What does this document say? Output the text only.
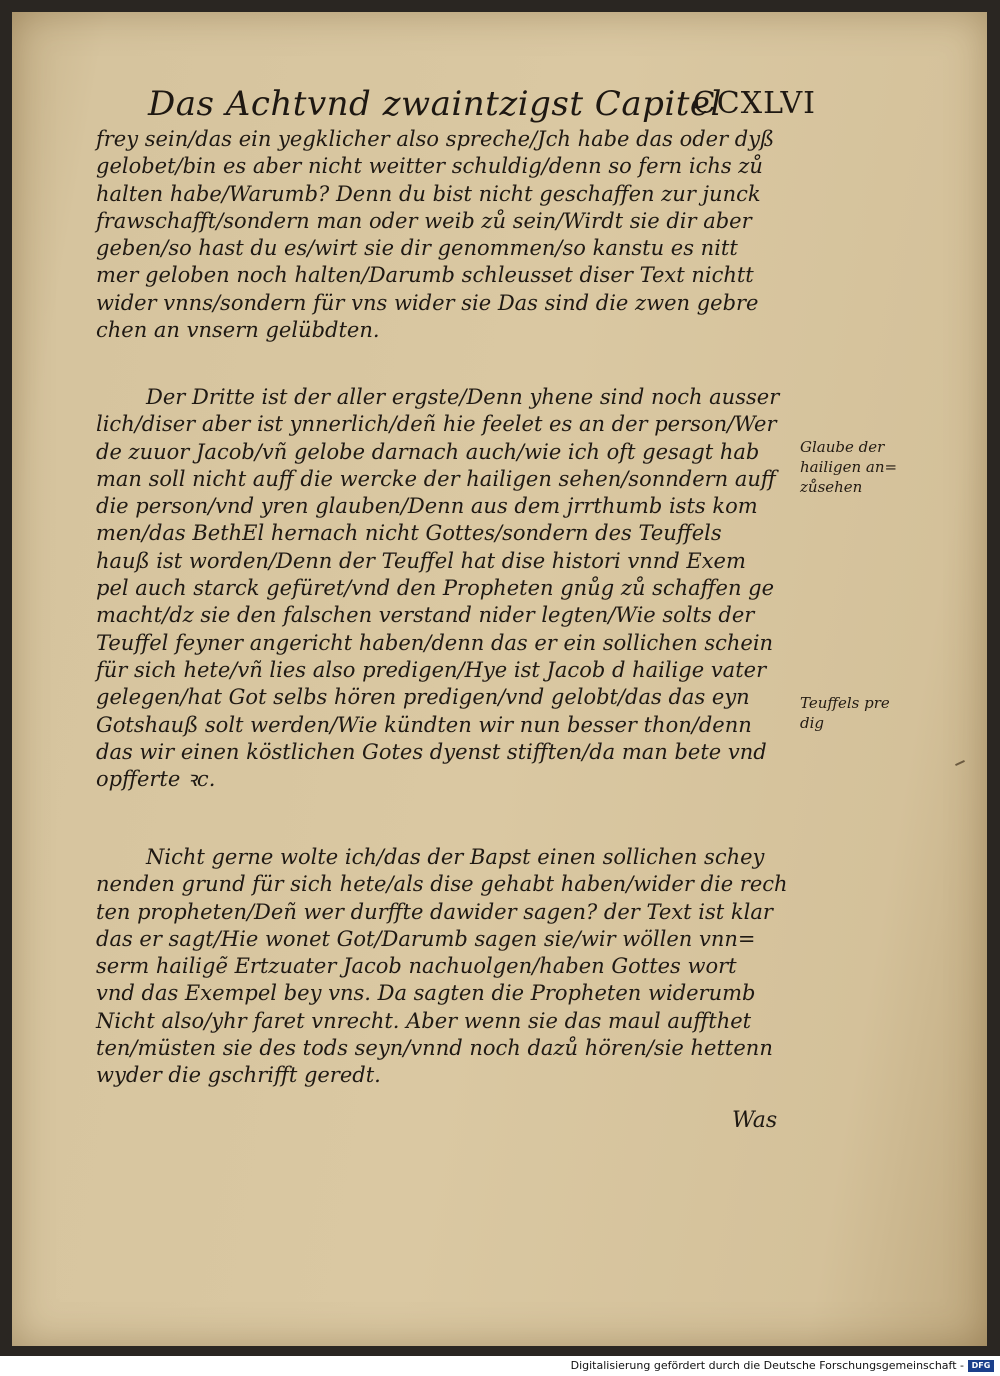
Das Achtvnd zwaintzigst Capitel
CCXLVI
frey sein/das ein yegklicher also spreche/Jch habe das oder dyß
gelobet/bin es aber nicht weitter schuldig/denn so fern ichs zů
halten habe/Warumb? Denn du bist nicht geschaffen zur junck
frawschafft/sondern man oder weib zů sein/Wirdt sie dir aber
geben/so hast du es/wirt sie dir genommen/so kanstu es nitt
mer geloben noch halten/Darumb schleusset diser Text nichtt
wider vnns/sondern für vns wider sie Das sind die zwen gebre
chen an vnsern gelübdten.
Der Dritte ist der aller ergste/Denn yhene sind noch ausser
lich/diser aber ist ynnerlich/deñ hie feelet es an der person/Wer
de zuuor Jacob/vñ gelobe darnach auch/wie ich oft gesagt hab
man soll nicht auff die wercke der hailigen sehen/sonndern auff
die person/vnd yren glauben/Denn aus dem jrrthumb ists kom
men/das BethEl hernach nicht Gottes/sondern des Teuffels
hauß ist worden/Denn der Teuffel hat dise histori vnnd Exem
pel auch starck gefüret/vnd den Propheten gnůg zů schaffen ge
macht/dz sie den falschen verstand nider legten/Wie solts der
Teuffel feyner angericht haben/denn das er ein sollichen schein
für sich hete/vñ lies also predigen/Hye ist Jacob d hailige vater
gelegen/hat Got selbs hören predigen/vnd gelobt/das das eyn
Gotshauß solt werden/Wie kündten wir nun besser thon/denn
das wir einen köstlichen Gotes dyenst stifften/da man bete vnd
opfferte ꝛc.
Nicht gerne wolte ich/das der Bapst einen sollichen schey
nenden grund für sich hete/als dise gehabt haben/wider die rech
ten propheten/Deñ wer durffte dawider sagen? der Text ist klar
das er sagt/Hie wonet Got/Darumb sagen sie/wir wöllen vnn=
serm hailigẽ Ertzuater Jacob nachuolgen/haben Gottes wort
vnd das Exempel bey vns. Da sagten die Propheten widerumb
Nicht also/yhr faret vnrecht. Aber wenn sie das maul auffthet
ten/müsten sie des tods seyn/vnnd noch dazů hören/sie hettenn
wyder die gschrifft geredt.
Glaube der
hailigen an=
zůsehen
Teuffels pre
dig
Was
Digitalisierung gefördert durch die Deutsche Forschungsgemeinschaft - DFG
